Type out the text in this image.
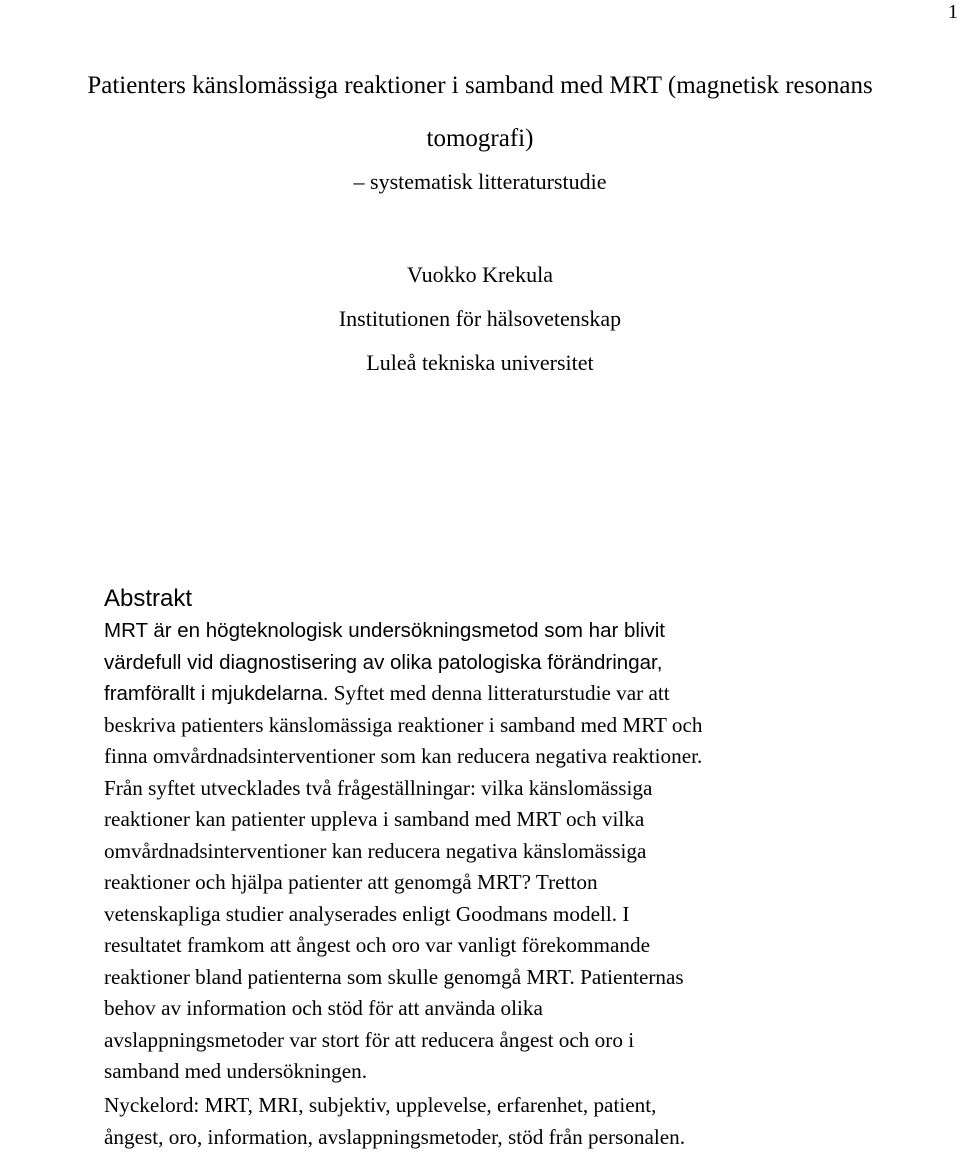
1
Patienters känslomässiga reaktioner i samband med MRT (magnetisk resonans
tomografi)
– systematisk litteraturstudie
Vuokko Krekula
Institutionen för hälsovetenskap
Luleå tekniska universitet
Abstrakt
MRT är en högteknologisk undersökningsmetod som har blivit
värdefull vid diagnostisering av olika patologiska förändringar,
framförallt i mjukdelarna. Syftet med denna litteraturstudie var att
beskriva patienters känslomässiga reaktioner i samband med MRT och
finna omvårdnadsinterventioner som kan reducera negativa reaktioner.
Från syftet utvecklades två frågeställningar: vilka känslomässiga
reaktioner kan patienter uppleva i samband med MRT och vilka
omvårdnadsinterventioner kan reducera negativa känslomässiga
reaktioner och hjälpa patienter att genomgå MRT? Tretton
vetenskapliga studier analyserades enligt Goodmans modell. I
resultatet framkom att ångest och oro var vanligt förekommande
reaktioner bland patienterna som skulle genomgå MRT. Patienternas
behov av information och stöd för att använda olika
avslappningsmetoder var stort för att reducera ångest och oro i
samband med undersökningen.
Nyckelord: MRT, MRI, subjektiv, upplevelse, erfarenhet, patient,
ångest, oro, information, avslappningsmetoder, stöd från personalen.
